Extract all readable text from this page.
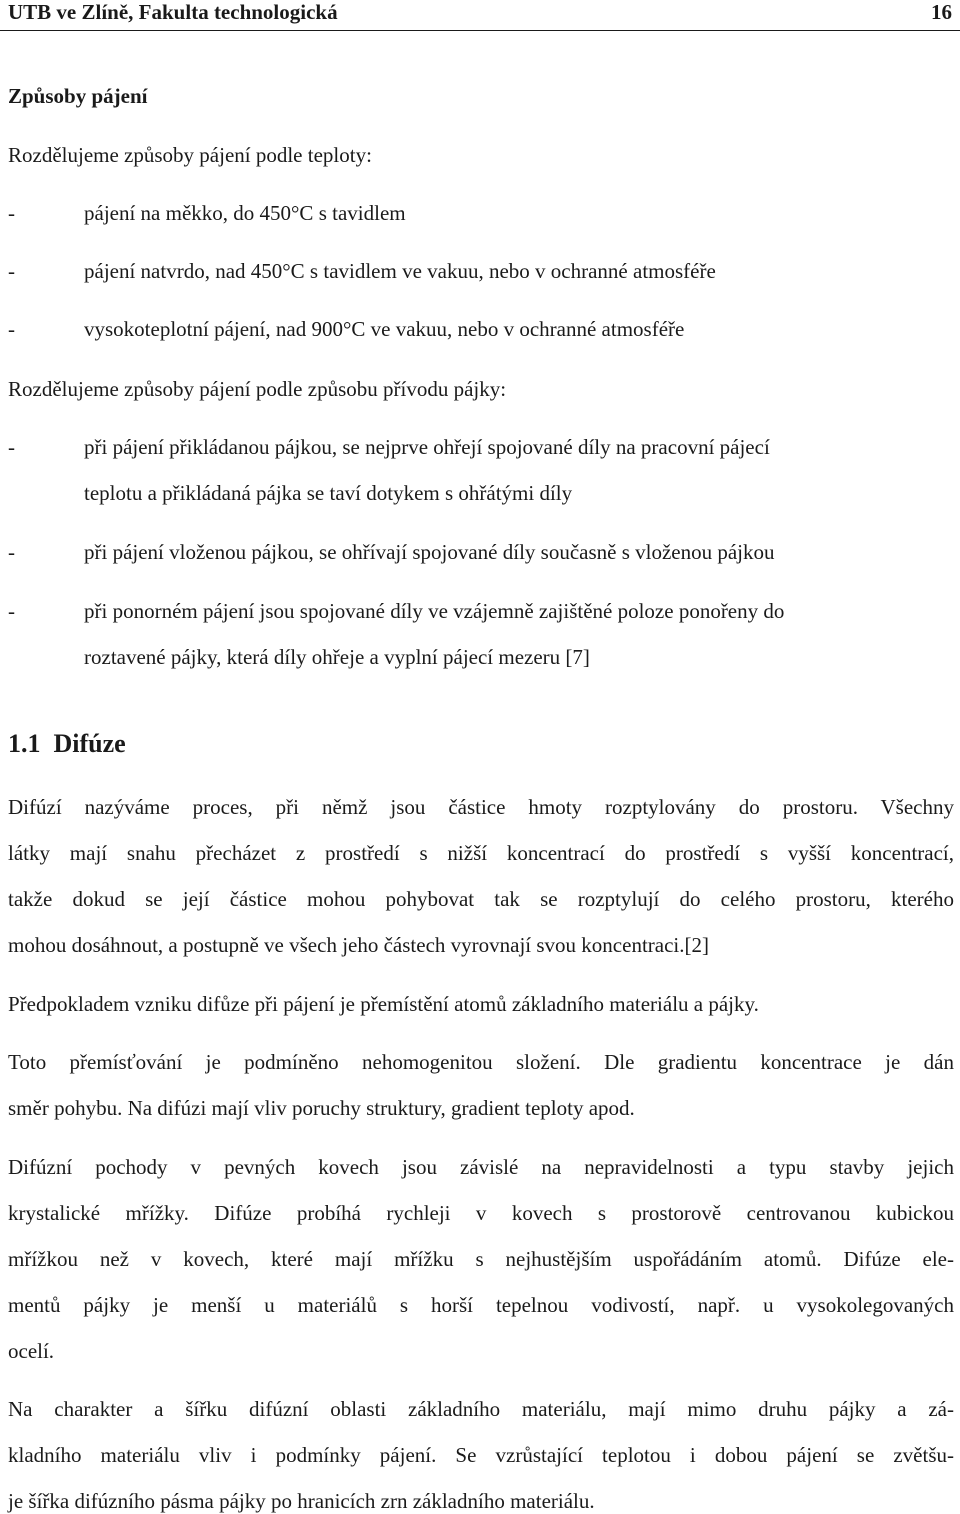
UTB ve Zlíně, Fakulta technologická	16
Způsoby pájení
Rozdělujeme způsoby pájení podle teploty:
-	pájení na měkko, do 450°C s tavidlem
-	pájení natvrdo, nad 450°C s tavidlem ve vakuu, nebo v ochranné atmosféře
-	vysokoteplotní pájení, nad 900°C ve vakuu, nebo v ochranné atmosféře
Rozdělujeme způsoby pájení podle způsobu přívodu pájky:
-	při pájení přikládanou pájkou, se nejprve ohřejí spojované díly na pracovní pájecí
teplotu a přikládaná pájka se taví dotykem s ohřátými díly
-	při pájení vloženou pájkou, se ohřívají spojované díly současně s vloženou pájkou
-	při ponorném pájení jsou spojované díly ve vzájemně zajištěné poloze ponořeny do
roztavené pájky, která díly ohřeje a vyplní pájecí mezeru [7]
1.1 Difúze
Difúzí nazýváme proces, při němž jsou částice hmoty rozptylovány do prostoru. Všechny
látky mají snahu přecházet z prostředí s nižší koncentrací do prostředí s vyšší koncentrací,
takže dokud se její částice mohou pohybovat tak se rozptylují do celého prostoru, kterého
mohou dosáhnout, a postupně ve všech jeho částech vyrovnají svou koncentraci.[2]
Předpokladem vzniku difůze při pájení je přemístění atomů základního materiálu a pájky.
Toto přemísťování je podmíněno nehomogenitou složení. Dle gradientu koncentrace je dán
směr pohybu. Na difúzi mají vliv poruchy struktury, gradient teploty apod.
Difúzní pochody v pevných kovech jsou závislé na nepravidelnosti a typu stavby jejich
krystalické mřížky. Difúze probíhá rychleji v kovech s prostorově centrovanou kubickou
mřížkou než v kovech, které mají mřížku s nejhustějším uspořádáním atomů. Difúze ele-
mentů pájky je menší u materiálů s horší tepelnou vodivostí, např. u vysokolegovaných
ocelí.
Na charakter a šířku difúzní oblasti základního materiálu, mají mimo druhu pájky a zá-
kladního materiálu vliv i podmínky pájení. Se vzrůstající teplotou i dobou pájení se zvětšu-
je šířka difúzního pásma pájky po hranicích zrn základního materiálu.
